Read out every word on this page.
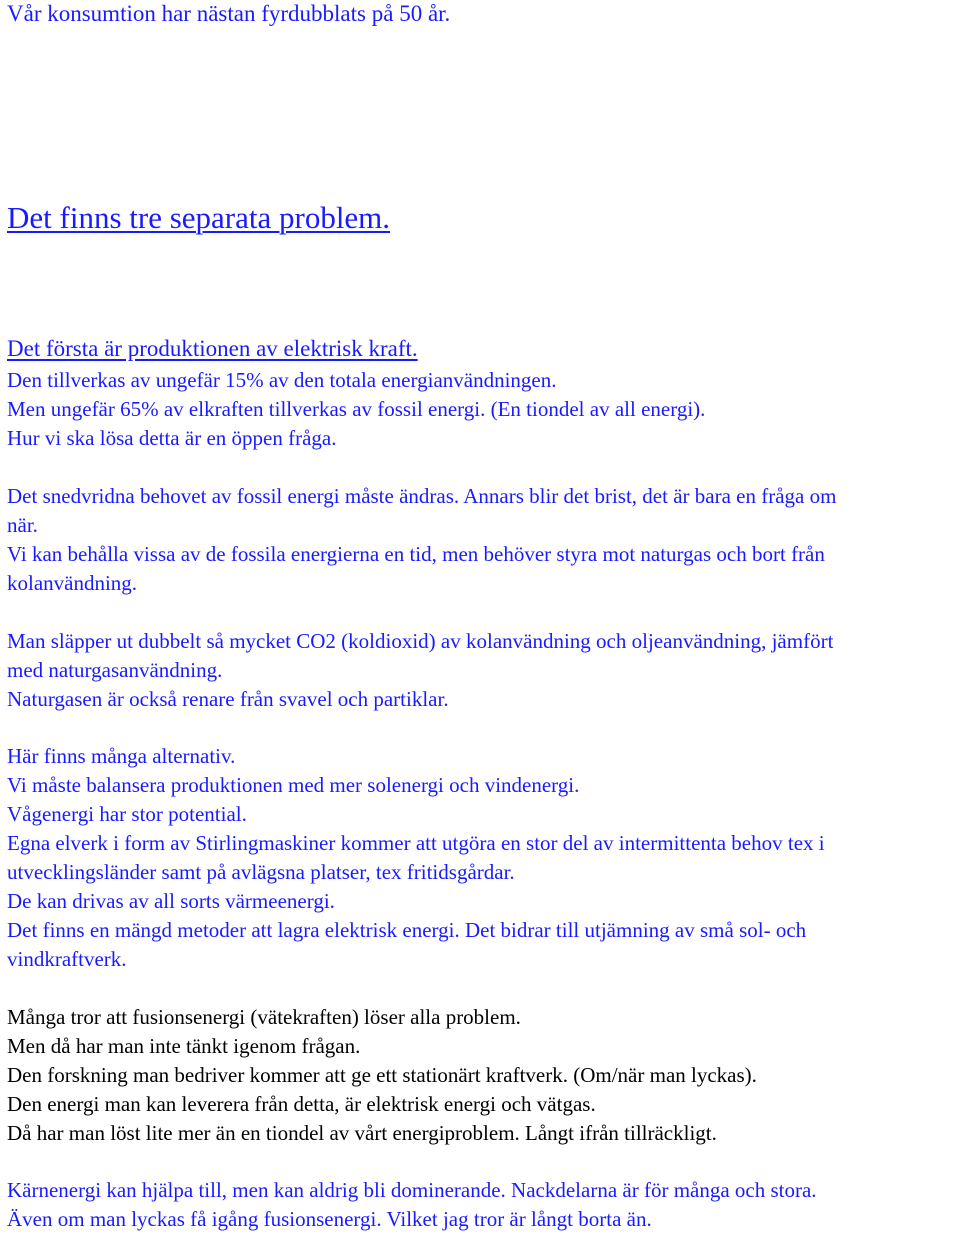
Vår konsumtion har nästan fyrdubblats på 50 år.
Det finns tre separata problem.
Det första är produktionen av elektrisk kraft.
Den tillverkas av ungefär 15% av den totala energianvändningen.
Men ungefär 65% av elkraften tillverkas av fossil energi. (En tiondel av all energi).
Hur vi ska lösa detta är en öppen fråga.
Det snedvridna behovet av fossil energi måste ändras. Annars blir det brist, det är bara en fråga om
när.
Vi kan behålla vissa av de fossila energierna en tid, men behöver styra mot naturgas och bort från
kolanvändning.
Man släpper ut dubbelt så mycket CO2 (koldioxid) av kolanvändning och oljeanvändning, jämfört
med naturgasanvändning.
Naturgasen är också renare från svavel och partiklar.
Här finns många alternativ.
Vi måste balansera produktionen med mer solenergi och vindenergi.
Vågenergi har stor potential.
Egna elverk i form av Stirlingmaskiner kommer att utgöra en stor del av intermittenta behov tex i
utvecklingsländer samt på avlägsna platser, tex fritidsgårdar.
De kan drivas av all sorts värmeenergi.
Det finns en mängd metoder att lagra elektrisk energi. Det bidrar till utjämning av små sol- och
vindkraftverk.
Många tror att fusionsenergi (vätekraften) löser alla problem.
Men då har man inte tänkt igenom frågan.
Den forskning man bedriver kommer att ge ett stationärt kraftverk. (Om/när man lyckas).
Den energi man kan leverera från detta, är elektrisk energi och vätgas.
Då har man löst lite mer än en tiondel av vårt energiproblem. Långt ifrån tillräckligt.
Kärnenergi kan hjälpa till, men kan aldrig bli dominerande. Nackdelarna är för många och stora.
Även om man lyckas få igång fusionsenergi. Vilket jag tror är långt borta än.
